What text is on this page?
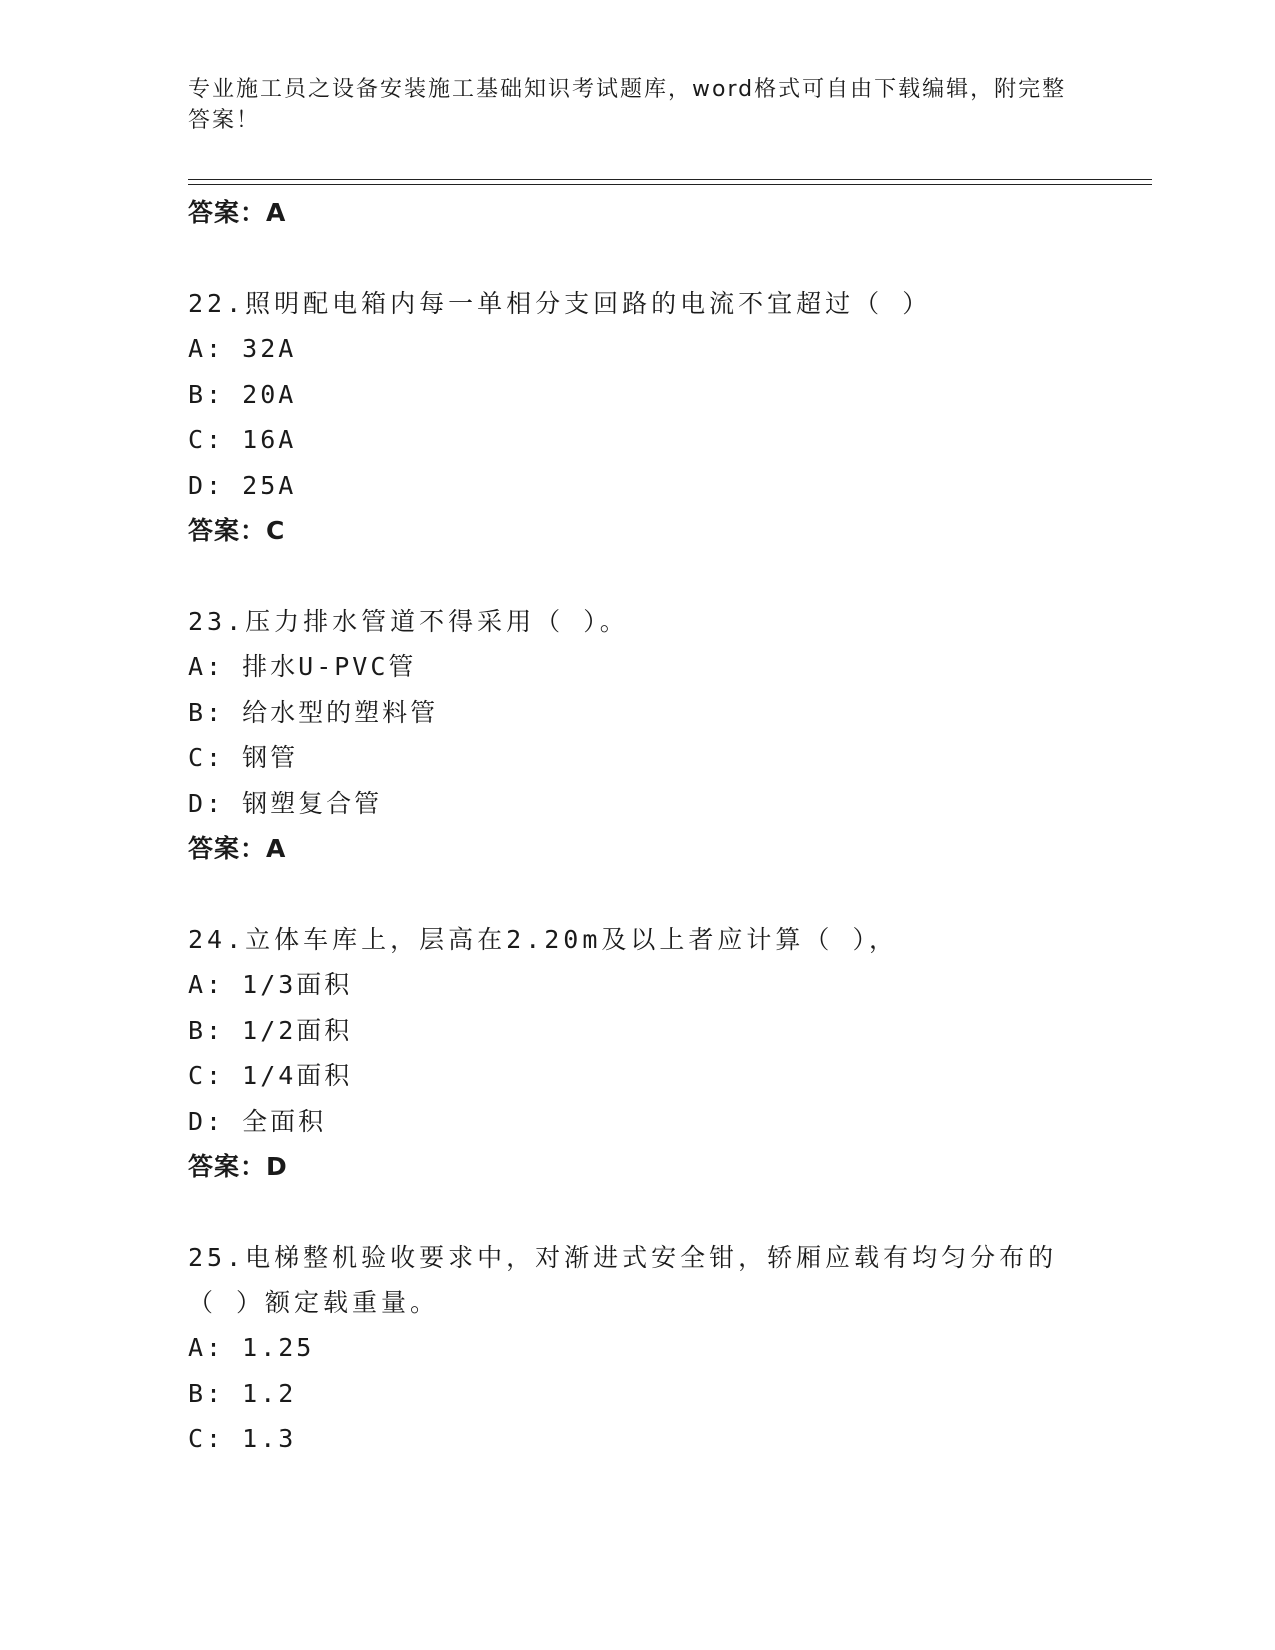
专业施工员之设备安装施工基础知识考试题库，word格式可自由下载编辑，附完整答案！
答案：A
22.照明配电箱内每一单相分支回路的电流不宜超过（ ）
A: 32A
B: 20A
C: 16A
D: 25A
答案：C
23.压力排水管道不得采用（ ）。
A: 排水U-PVC管
B: 给水型的塑料管
C: 钢管
D: 钢塑复合管
答案：A
24.立体车库上，层高在2.20m及以上者应计算（ ），
A: 1/3面积
B: 1/2面积
C: 1/4面积
D: 全面积
答案：D
25.电梯整机验收要求中，对渐进式安全钳，轿厢应载有均匀分布的（ ）额定载重量。
A: 1.25
B: 1.2
C: 1.3
